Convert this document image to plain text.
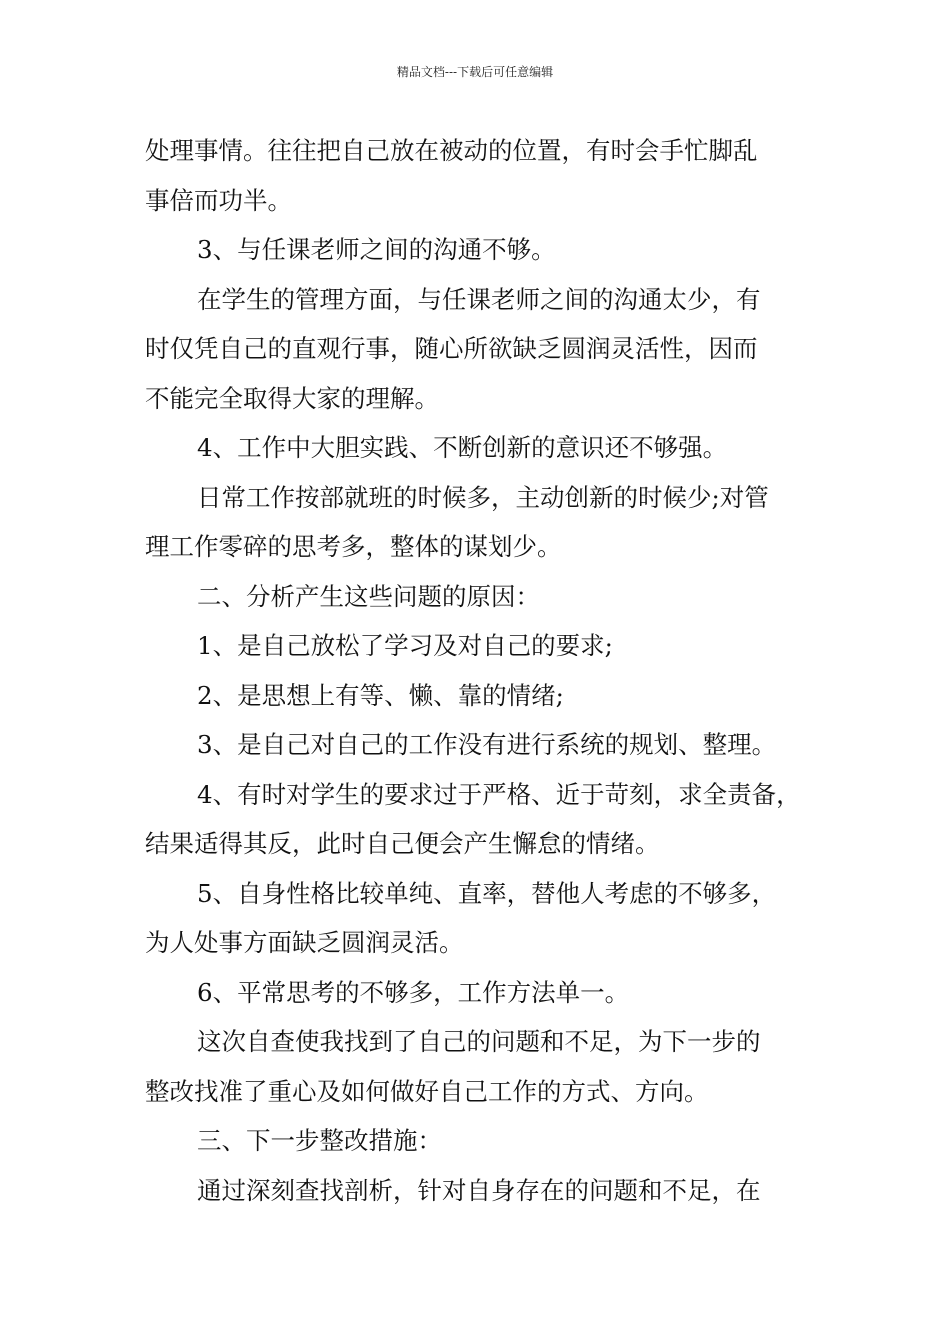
精品文档---下载后可任意编辑
处理事情。往往把自己放在被动的位置，有时会手忙脚乱
事倍而功半。
3、与任课老师之间的沟通不够。
在学生的管理方面，与任课老师之间的沟通太少，有
时仅凭自己的直观行事，随心所欲缺乏圆润灵活性，因而
不能完全取得大家的理解。
4、工作中大胆实践、不断创新的意识还不够强。
日常工作按部就班的时候多，主动创新的时候少;对管
理工作零碎的思考多，整体的谋划少。
二、分析产生这些问题的原因：
1、是自己放松了学习及对自己的要求;
2、是思想上有等、懒、靠的情绪;
3、是自己对自己的工作没有进行系统的规划、整理。
4、有时对学生的要求过于严格、近于苛刻，求全责备，
结果适得其反，此时自己便会产生懈怠的情绪。
5、自身性格比较单纯、直率，替他人考虑的不够多，
为人处事方面缺乏圆润灵活。
6、平常思考的不够多，工作方法单一。
这次自查使我找到了自己的问题和不足，为下一步的
整改找准了重心及如何做好自己工作的方式、方向。
三、下一步整改措施：
通过深刻查找剖析，针对自身存在的问题和不足，在
